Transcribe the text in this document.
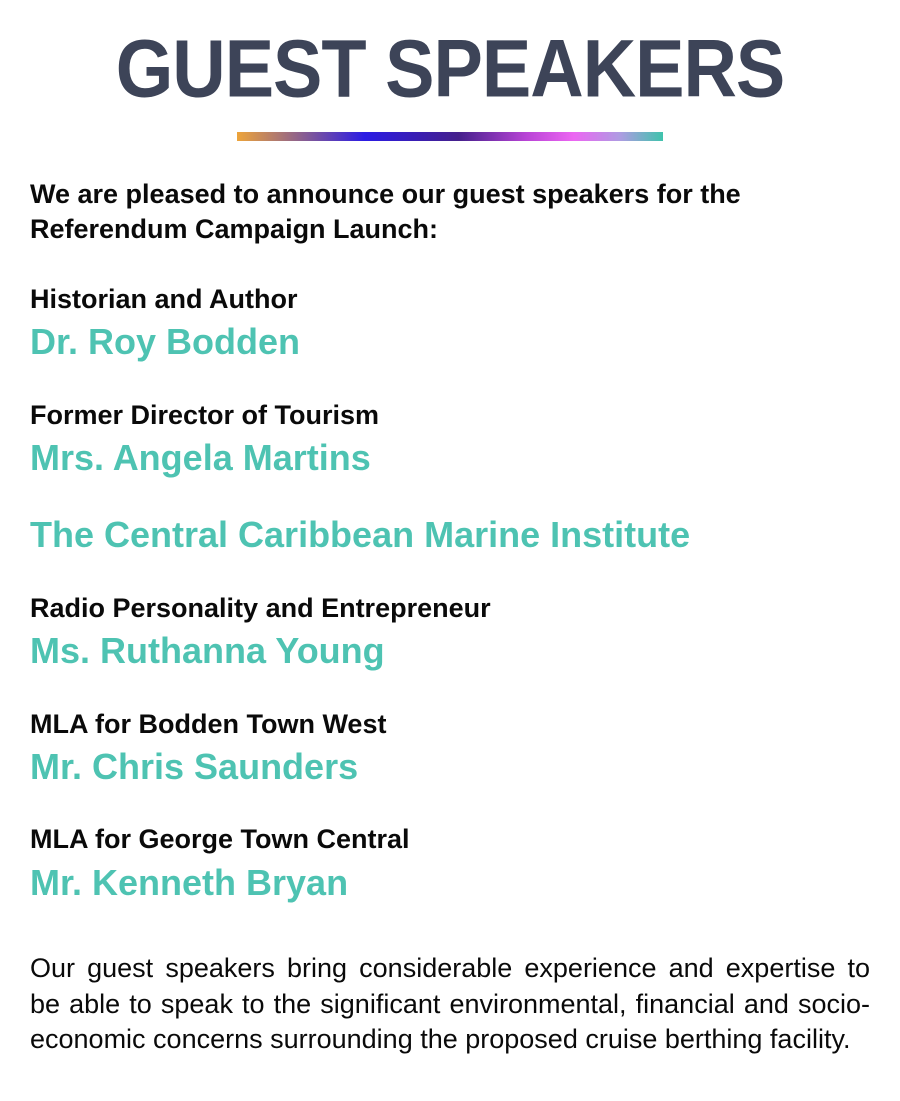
GUEST SPEAKERS

We are pleased to announce our guest speakers for the Referendum Campaign Launch:

Historian and Author
Dr. Roy Bodden
Former Director of Tourism
Mrs. Angela Martins
The Central Caribbean Marine Institute
Radio Personality and Entrepreneur
Ms. Ruthanna Young
MLA for Bodden Town West
Mr. Chris Saunders
MLA for George Town Central
Mr. Kenneth Bryan

Our guest speakers bring considerable experience and expertise to be able to speak to the significant environmental, financial and socio-economic concerns surrounding the proposed cruise berthing facility.
